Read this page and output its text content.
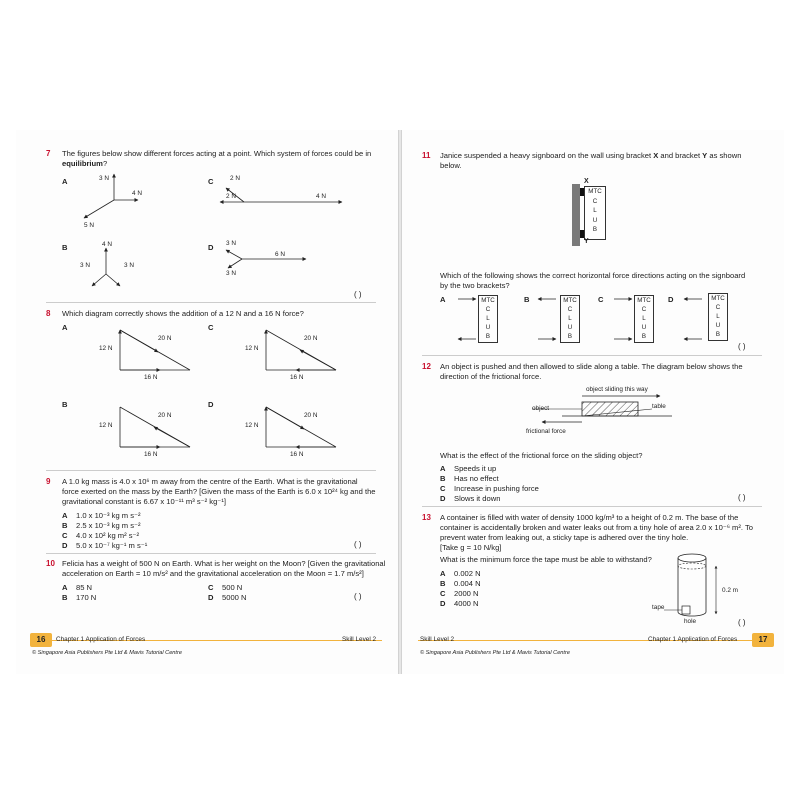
7 The figures below show different forces acting at a point. Which system of forces could be in
equilibrium?
A	3 N
4 N
5 N
C	2 N
2 N	4 N
B	4 N
3 N	3 N
D 3 N
6 N
3 N
( )
8 Which diagram correctly shows the addition of a 12 N and a 16 N force?
A
12 N
20 N
16 N
C
12 N
20 N
16 N
B
12 N
20 N
16 N
D
12 N
20 N
16 N
9 A 1.0 kg mass is 4.0 x 10⁶ m away from the centre of the Earth. What is the gravitational
force exerted on the mass by the Earth? [Given the mass of the Earth is 6.0 x 10²⁴ kg and the
gravitational constant is 6.67 x 10⁻¹¹ m³ s⁻² kg⁻¹]
A 1.0 x 10⁻³ kg m s⁻²
B 2.5 x 10⁻³ kg m s⁻²
C 4.0 x 10² kg m² s⁻²
D 5.0 x 10⁻⁷ kg⁻¹ m s⁻¹	( )
10 Felicia has a weight of 500 N on Earth. What is her weight on the Moon? [Given the gravitational
acceleration on Earth = 10 m/s² and the gravitational acceleration on the Moon = 1.7 m/s²]
A 85 N
B 170 N
C 500 N
D 5000 N	( )
16	Chapter 1 Application of Forces	Skill Level 2
© Singapore Asia Publishers Pte Ltd & Mavis Tutorial Centre
11 Janice suspended a heavy signboard on the wall using bracket X and bracket Y as shown
below.
MTC
C
L
U
B
X
Y
Which of the following shows the correct horizontal force directions acting on the signboard
by the two brackets?
A	MTC
C
L
U
B
B	MTC
C
L
U
B
C	MTC
C
L
U
B
D	MTC
C
L
U
B
( )
12 An object is pushed and then allowed to slide along a table. The diagram below shows the
direction of the frictional force.
object sliding this way
object	table
frictional force
What is the effect of the frictional force on the sliding object?
A Speeds it up
B Has no effect
C Increase in pushing force
D Slows it down	( )
13 A container is filled with water of density 1000 kg/m³ to a height of 0.2 m. The base of the
container is accidentally broken and water leaks out from a tiny hole of area 2.0 x 10⁻⁶ m². To
prevent water from leaking out, a sticky tape is adhered over the tiny hole.
[Take g = 10 N/kg]
What is the minimum force the tape must be able to withstand?
A 0.002 N
B 0.004 N
C 2000 N
D 4000 N
0.2 m
tape
hole	( )
Skill Level 2	Chapter 1 Application of Forces	17
© Singapore Asia Publishers Pte Ltd & Mavis Tutorial Centre
